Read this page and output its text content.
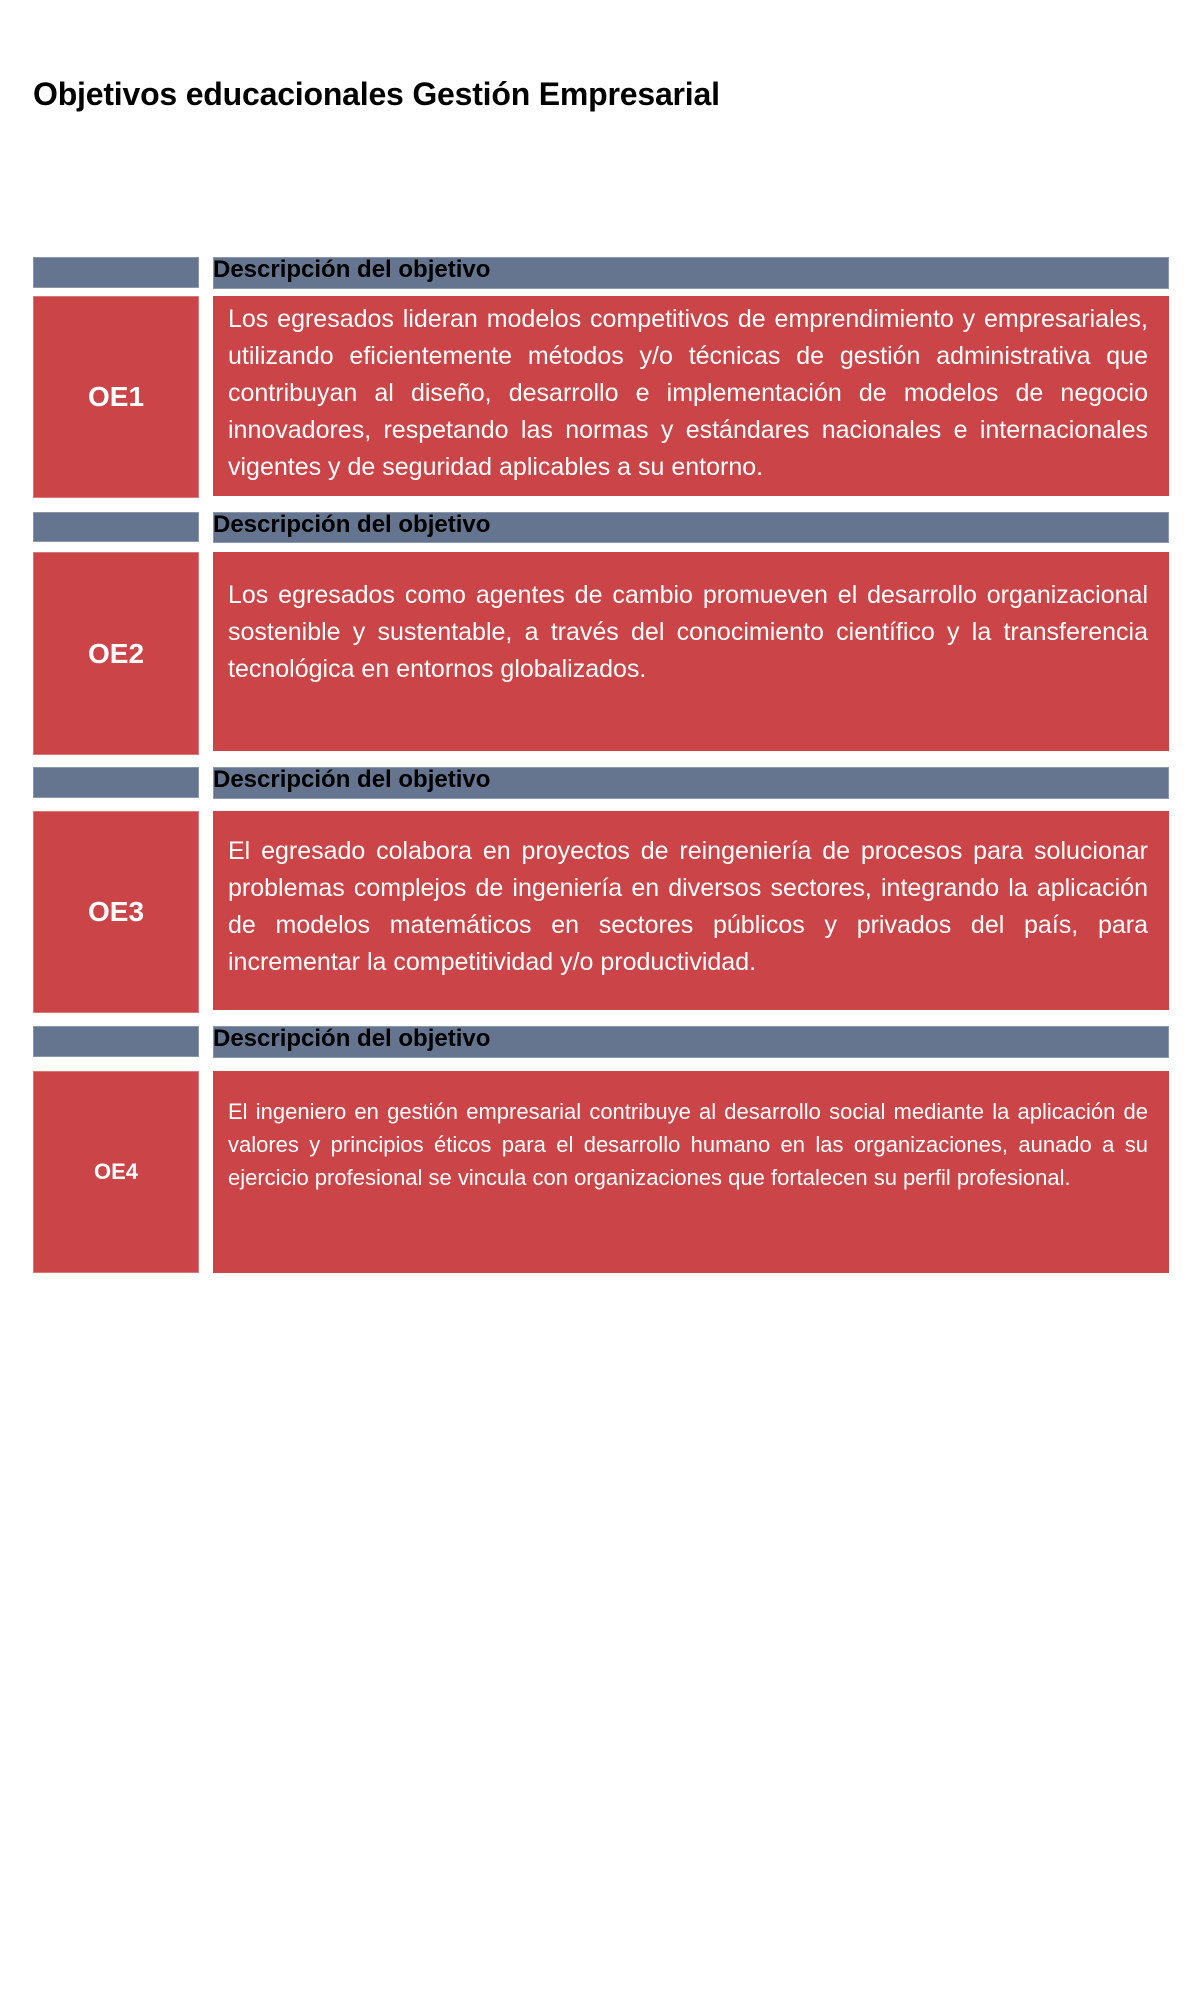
Objetivos educacionales Gestión Empresarial
Descripción del objetivo
OE1

Los egresados lideran modelos competitivos de emprendimiento y empresariales, utilizando eficientemente métodos y/o técnicas de gestión administrativa que contribuyan al diseño, desarrollo e implementación de modelos de negocio innovadores, respetando las normas y estándares nacionales e internacionales vigentes y de seguridad aplicables a su entorno.

Descripción del objetivo
OE2

Los egresados como agentes de cambio promueven el desarrollo organizacional sostenible y sustentable, a través del conocimiento científico y la transferencia tecnológica en entornos globalizados.

Descripción del objetivo
OE3

El egresado colabora en proyectos de reingeniería de procesos para solucionar problemas complejos de ingeniería en diversos sectores, integrando la aplicación de modelos matemáticos en sectores públicos y privados del país, para incrementar la competitividad y/o productividad.

Descripción del objetivo
OE4

El ingeniero en gestión empresarial contribuye al desarrollo social mediante la aplicación de valores y principios éticos para el desarrollo humano en las organizaciones, aunado a su ejercicio profesional se vincula con organizaciones que fortalecen su perfil profesional.
